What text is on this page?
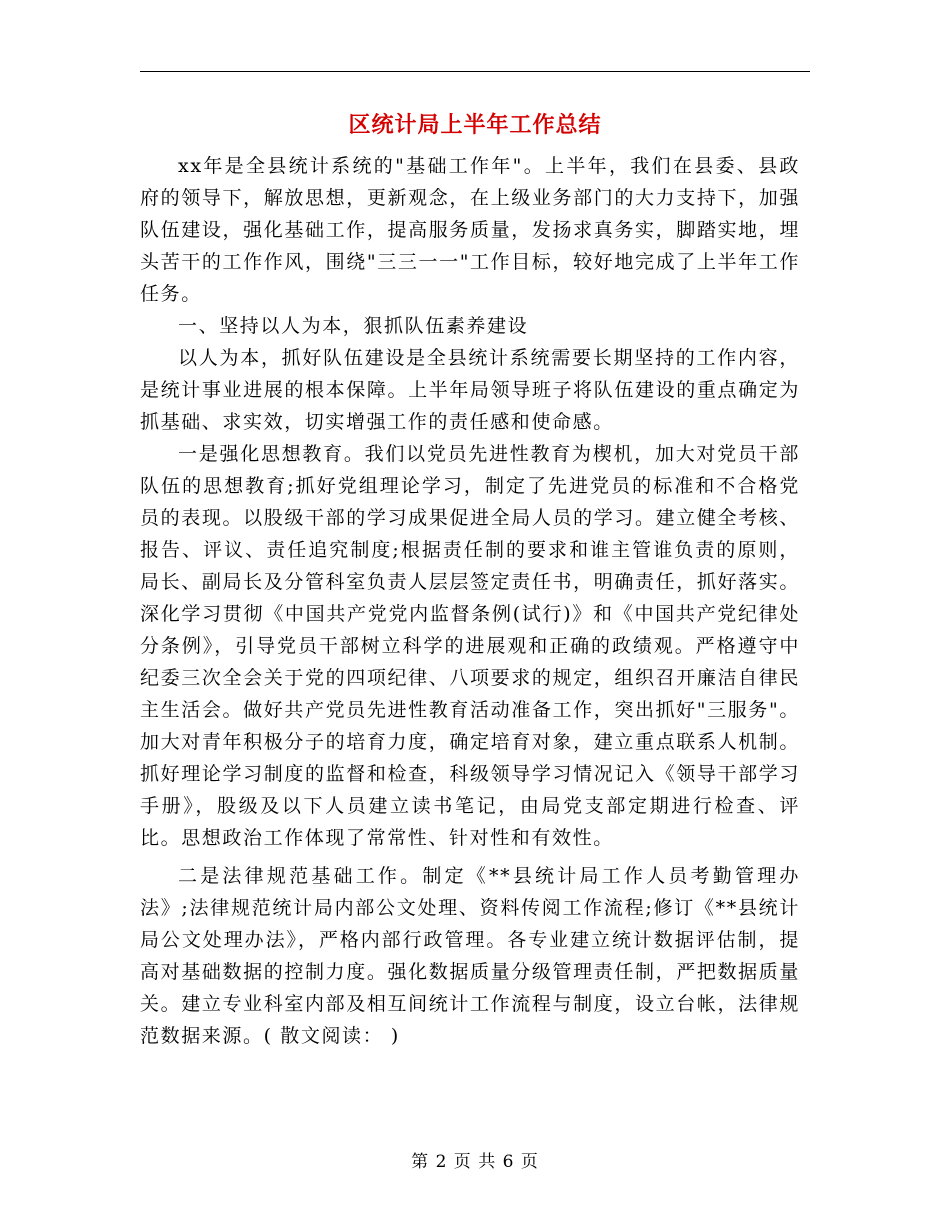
区统计局上半年工作总结

xx年是全县统计系统的"基础工作年"。上半年，我们在县委、县政府的领导下，解放思想，更新观念，在上级业务部门的大力支持下，加强队伍建设，强化基础工作，提高服务质量，发扬求真务实，脚踏实地，埋头苦干的工作作风，围绕"三三一一"工作目标，较好地完成了上半年工作任务。

一、坚持以人为本，狠抓队伍素养建设

以人为本，抓好队伍建设是全县统计系统需要长期坚持的工作内容，是统计事业进展的根本保障。上半年局领导班子将队伍建设的重点确定为抓基础、求实效，切实增强工作的责任感和使命感。

一是强化思想教育。我们以党员先进性教育为楔机，加大对党员干部队伍的思想教育;抓好党组理论学习，制定了先进党员的标准和不合格党员的表现。以股级干部的学习成果促进全局人员的学习。建立健全考核、报告、评议、责任追究制度;根据责任制的要求和谁主管谁负责的原则，局长、副局长及分管科室负责人层层签定责任书，明确责任，抓好落实。深化学习贯彻《中国共产党党内监督条例(试行)》和《中国共产党纪律处分条例》，引导党员干部树立科学的进展观和正确的政绩观。严格遵守中纪委三次全会关于党的四项纪律、八项要求的规定，组织召开廉洁自律民主生活会。做好共产党员先进性教育活动准备工作，突出抓好"三服务"。加大对青年积极分子的培育力度，确定培育对象，建立重点联系人机制。抓好理论学习制度的监督和检查，科级领导学习情况记入《领导干部学习手册》，股级及以下人员建立读书笔记，由局党支部定期进行检查、评比。思想政治工作体现了常常性、针对性和有效性。

二是法律规范基础工作。制定《**县统计局工作人员考勤管理办法》;法律规范统计局内部公文处理、资料传阅工作流程;修订《**县统计局公文处理办法》，严格内部行政管理。各专业建立统计数据评估制，提高对基础数据的控制力度。强化数据质量分级管理责任制，严把数据质量关。建立专业科室内部及相互间统计工作流程与制度，设立台帐，法律规范数据来源。( 散文阅读： )

第 2 页 共 6 页
